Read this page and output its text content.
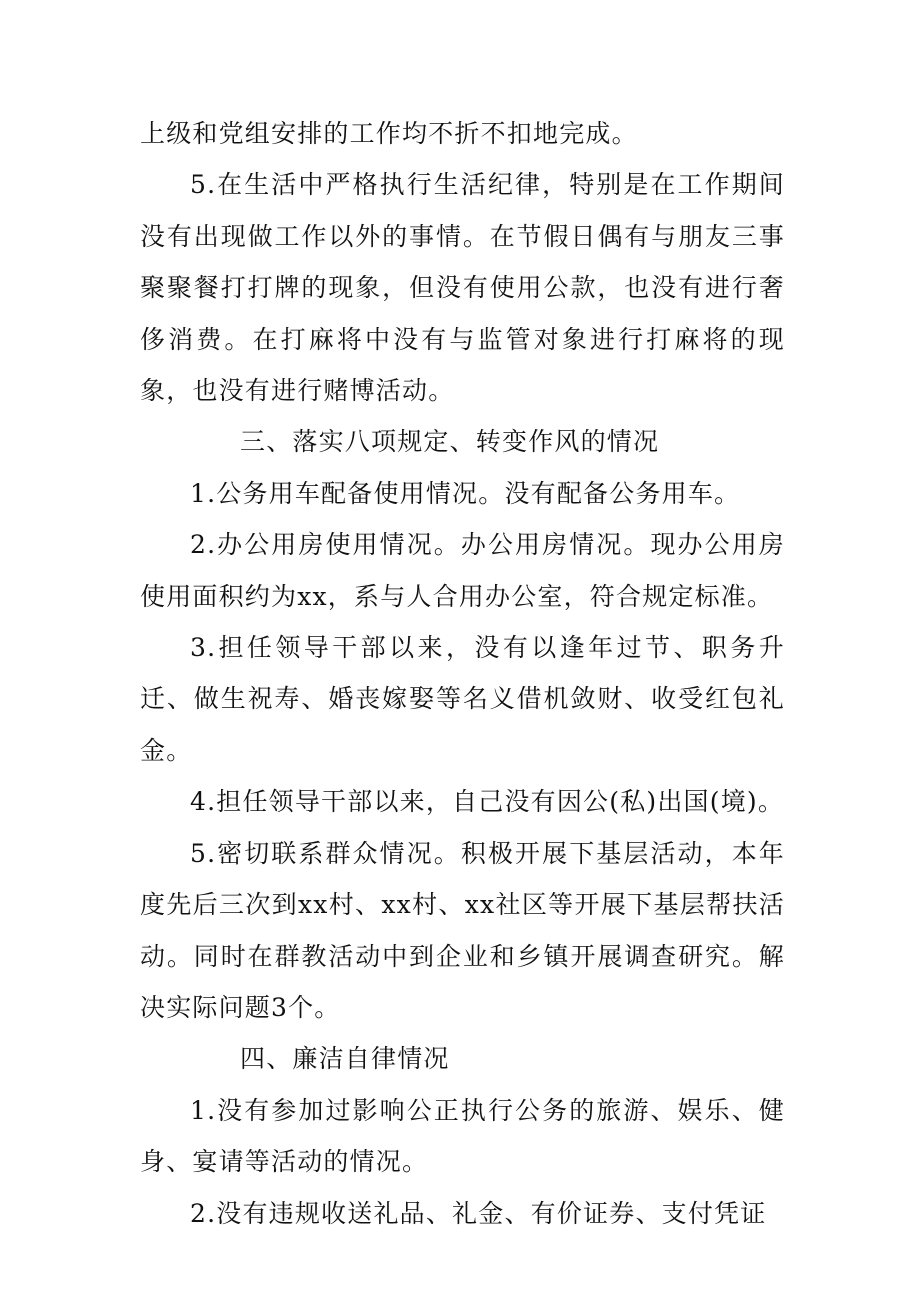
上级和党组安排的工作均不折不扣地完成。

5.在生活中严格执行生活纪律，特别是在工作期间没有出现做工作以外的事情。在节假日偶有与朋友三事聚聚餐打打牌的现象，但没有使用公款，也没有进行奢侈消费。在打麻将中没有与监管对象进行打麻将的现象，也没有进行赌博活动。

三、落实八项规定、转变作风的情况

1.公务用车配备使用情况。没有配备公务用车。

2.办公用房使用情况。办公用房情况。现办公用房使用面积约为xx，系与人合用办公室，符合规定标准。

3.担任领导干部以来，没有以逢年过节、职务升迁、做生祝寿、婚丧嫁娶等名义借机敛财、收受红包礼金。

4.担任领导干部以来，自己没有因公(私)出国(境)。

5.密切联系群众情况。积极开展下基层活动，本年度先后三次到xx村、xx村、xx社区等开展下基层帮扶活动。同时在群教活动中到企业和乡镇开展调查研究。解决实际问题3个。

四、廉洁自律情况

1.没有参加过影响公正执行公务的旅游、娱乐、健身、宴请等活动的情况。

2.没有违规收送礼品、礼金、有价证券、支付凭证
